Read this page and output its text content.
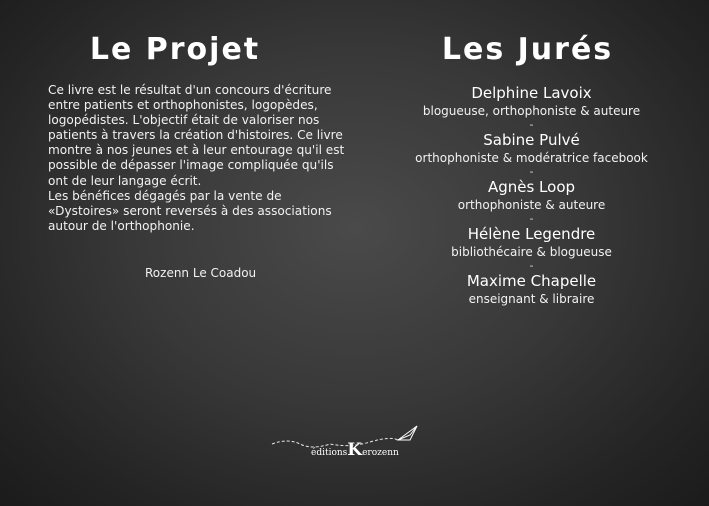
Le Projet

Ce livre est le résultat d'un concours d'écriture entre patients et orthophonistes, logopèdes, logopédistes. L'objectif était de valoriser nos patients à travers la création d'histoires. Ce livre montre à nos jeunes et à leur entourage qu'il est possible de dépasser l'image compliquée qu'ils ont de leur langage écrit.

Les bénéfices dégagés par la vente de «Dystoires» seront reversés à des associations autour de l'orthophonie.

Rozenn Le Coadou
Les Jurés
Delphine Lavoix
blogueuse, orthophoniste & auteure
-
Sabine Pulvé
orthophoniste & modératrice facebook
-
Agnès Loop
orthophoniste & auteure
-
Hélène Legendre
bibliothécaire & blogueuse
-
Maxime Chapelle
enseignant & libraire
éditionsKerozenn
